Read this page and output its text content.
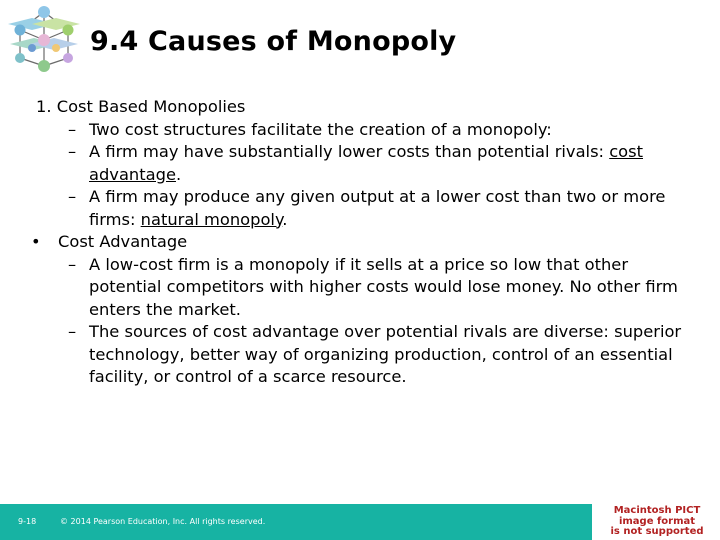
9.4 Causes of Monopoly
1. Cost Based Monopolies
– Two cost structures facilitate the creation of a monopoly:
– A firm may have substantially lower costs than potential rivals: cost advantage.
– A firm may produce any given output at a lower cost than two or more firms: natural monopoly.
• Cost Advantage
– A low-cost firm is a monopoly if it sells at a price so low that other potential competitors with higher costs would lose money. No other firm enters the market.
– The sources of cost advantage over potential rivals are diverse: superior technology, better way of organizing production, control of an essential facility, or control of a scarce resource.
9-18	© 2014 Pearson Education, Inc. All rights reserved.
Macintosh PICT
image format
is not supported
